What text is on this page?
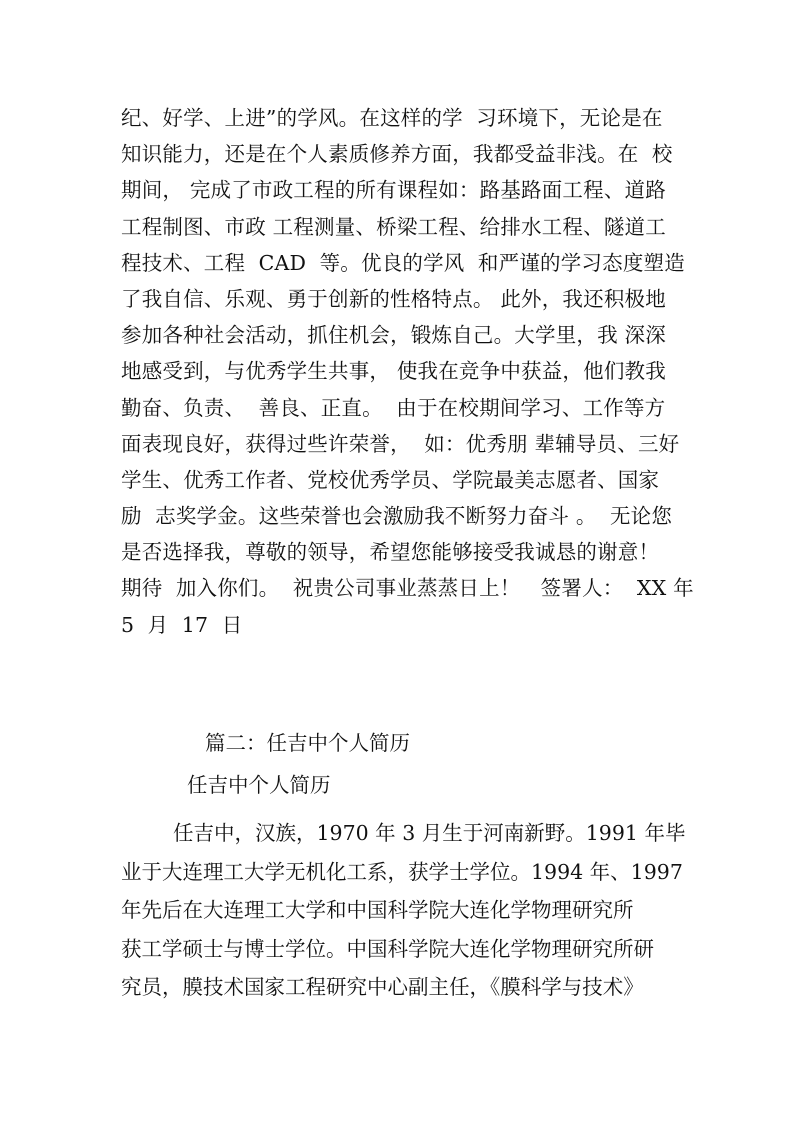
纪、好学、上进”的学风。在这样的学  习环境下，无论是在
知识能力，还是在个人素质修养方面，我都受益非浅。在  校
期间， 完成了市政工程的所有课程如：路基路面工程、道路
工程制图、市政 工程测量、桥梁工程、给排水工程、隧道工
程技术、工程  CAD  等。优良的学风  和严谨的学习态度塑造
了我自信、乐观、勇于创新的性格特点。 此外，我还积极地
参加各种社会活动，抓住机会，锻炼自己。大学里，我 深深
地感受到，与优秀学生共事， 使我在竞争中获益，他们教我
勤奋、负责、  善良、正直。  由于在校期间学习、工作等方
面表现良好，获得过些许荣誉，  如：优秀朋 辈辅导员、三好
学生、优秀工作者、党校优秀学员、学院最美志愿者、国家
励  志奖学金。这些荣誉也会激励我不断努力奋斗 。  无论您
是否选择我，尊敬的领导，希望您能够接受我诚恳的谢意！
期待  加入你们。  祝贵公司事业蒸蒸日上！   签署人：  XX 年
5  月  17  日
篇二：任吉中个人简历
任吉中个人简历
任吉中，汉族，1970 年 3 月生于河南新野。1991 年毕
业于大连理工大学无机化工系，获学士学位。1994 年、1997
年先后在大连理工大学和中国科学院大连化学物理研究所
获工学硕士与博士学位。中国科学院大连化学物理研究所研
究员，膜技术国家工程研究中心副主任，《膜科学与技术》
